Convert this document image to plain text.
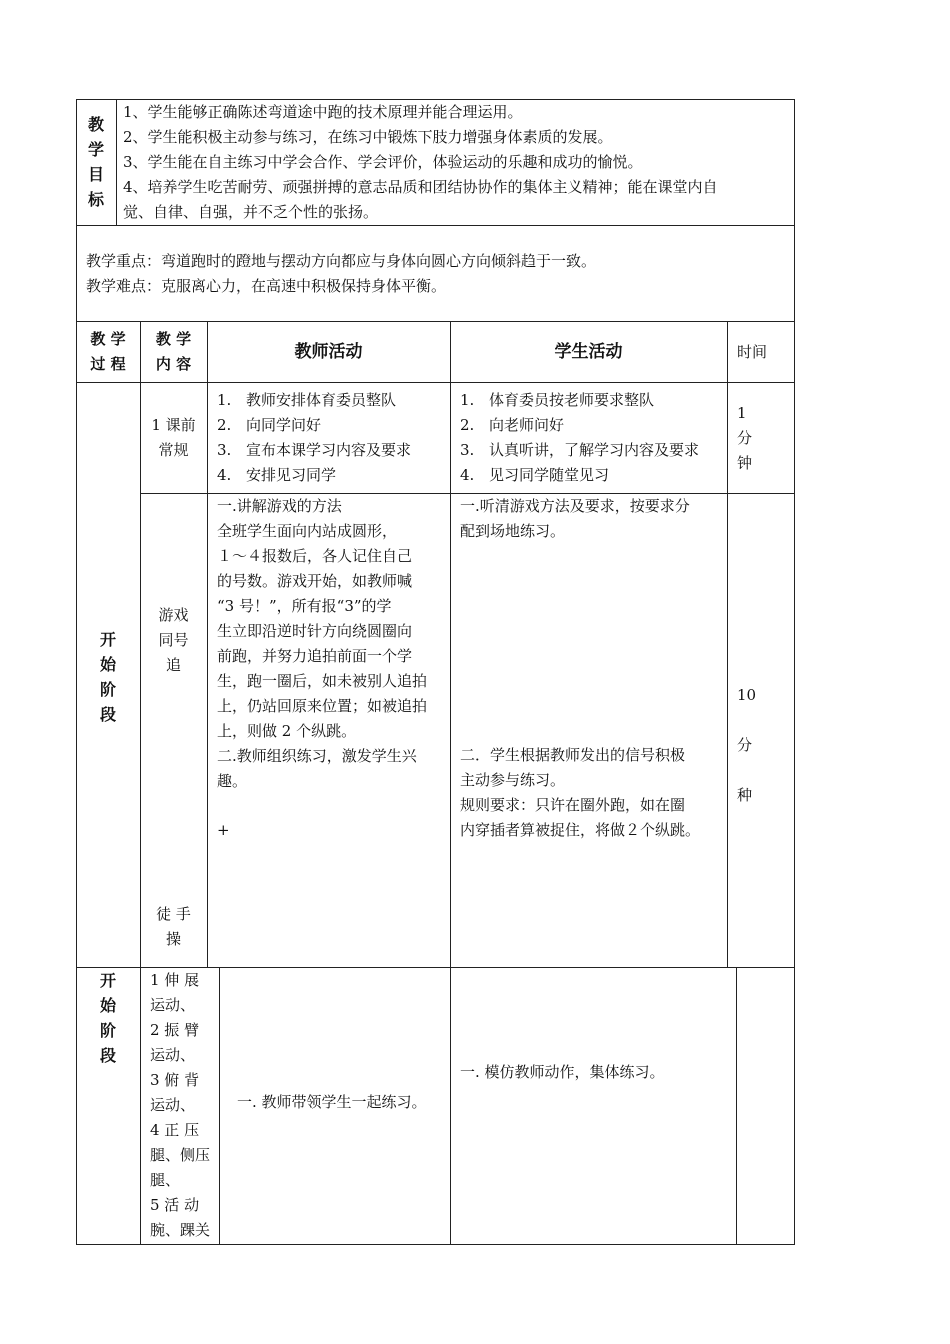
教
学
目
标
1、学生能够正确陈述弯道途中跑的技术原理并能合理运用。
2、学生能积极主动参与练习，在练习中锻炼下肢力增强身体素质的发展。
3、学生能在自主练习中学会合作、学会评价，体验运动的乐趣和成功的愉悦。
4、培养学生吃苦耐劳、顽强拼搏的意志品质和团结协协作的集体主义精神；能在课堂内自
觉、自律、自强，并不乏个性的张扬。
教学重点：弯道跑时的蹬地与摆动方向都应与身体向圆心方向倾斜趋于一致。
教学难点：克服离心力，在高速中积极保持身体平衡。
教 学
过 程
教 学
内 容
教师活动	学生活动	时间
开
始
阶
段
1 课前
常规
1. 教师安排体育委员整队
2. 向同学问好
3. 宣布本课学习内容及要求
4. 安排见习同学
1. 体育委员按老师要求整队
2. 向老师问好
3. 认真听讲，了解学习内容及要求
4. 见习同学随堂见习
1
分
钟
游戏
同号
追
徒 手
操
一.讲解游戏的方法
全班学生面向内站成圆形，
１～４报数后，各人记住自己
的号数。游戏开始，如教师喊
“3 号！”，所有报“3”的学
生立即沿逆时针方向绕圆圈向
前跑，并努力追拍前面一个学
生，跑一圈后，如未被别人追拍
上，仍站回原来位置；如被追拍
上，则做 2 个纵跳。
二.教师组织练习，激发学生兴
趣。
+
一.听清游戏方法及要求，按要求分
配到场地练习。
二．学生根据教师发出的信号积极
主动参与练习。
规则要求：只许在圈外跑，如在圈
内穿插者算被捉住，将做２个纵跳。
10
分
种
开
始
阶
段
1 伸 展
运动、
2 振 臂
运动、
3 俯 背
运动、
4 正 压
腿、侧压
腿、
5 活 动
腕、踝关
一. 教师带领学生一起练习。
一. 模仿教师动作，集体练习。
